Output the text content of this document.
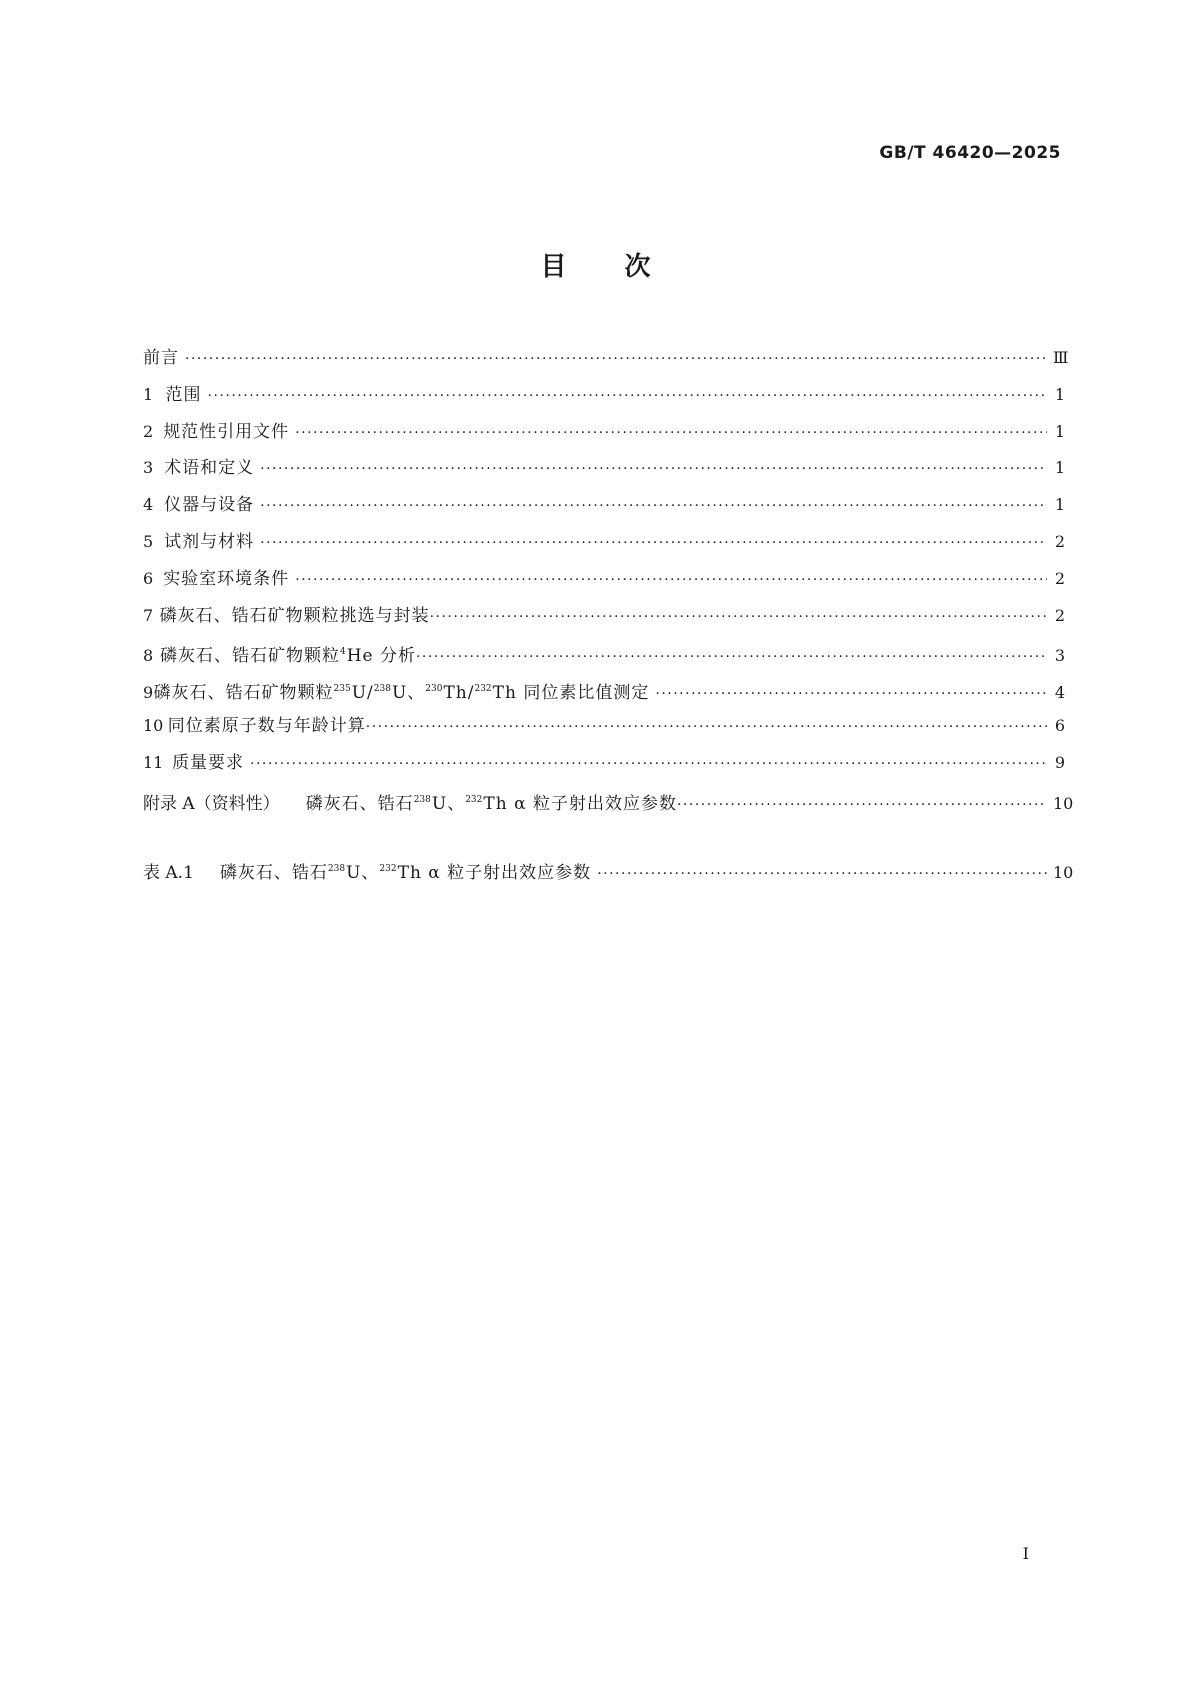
GB/T 46420—2025
目 次
前言 ·····	Ⅲ
1 范围 ·····	1
2 规范性引用文件 ·····	1
3 术语和定义 ·····	1
4 仪器与设备 ·····	1
5 试剂与材料 ·····	2
6 实验室环境条件 ·····	2
7 磷灰石、锆石矿物颗粒挑选与封装 ·····	2
8 磷灰石、锆石矿物颗粒$^4$He 分析 ·····	3
9 磷灰石、锆石矿物颗粒$^{235}$U/$^{238}$U、$^{230}$Th/$^{232}$Th 同位素比值测定 ·····	4
10 同位素原子数与年龄计算 ·····	6
11 质量要求 ·····	9
附录 A（资料性） 磷灰石、锆石$^{238}$U、$^{232}$Th α 粒子射出效应参数 ·····	10
表 A.1 磷灰石、锆石$^{238}$U、$^{232}$Th α 粒子射出效应参数 ·····	10
I
